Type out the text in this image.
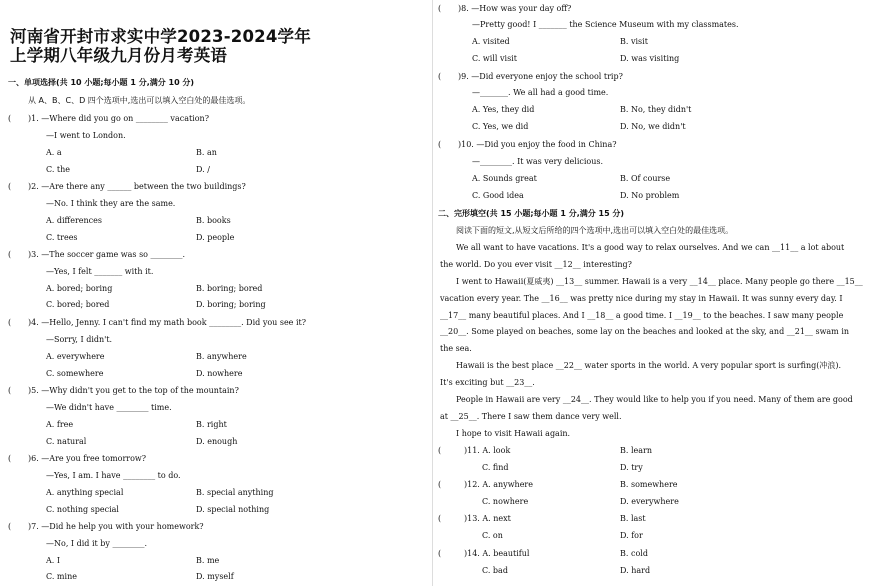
河南省开封市求实中学2023-2024学年
上学期八年级九月份月考英语
一、单项选择(共 10 小题;每小题 1 分,满分 10 分)
从 A、B、C、D 四个选项中,选出可以填入空白处的最佳选项。
( )1. —Where did you go on ________ vacation?
—I went to London.
A. a	B. an
C. the	D. /
( )2. —Are there any ______ between the two buildings?
—No. I think they are the same.
A. differences	B. books
C. trees	D. people
( )3. —The soccer game was so ________.
—Yes, I felt _______ with it.
A. bored; boring	B. boring; bored
C. bored; bored	D. boring; boring
( )4. —Hello, Jenny. I can't find my math book ________. Did you see it?
—Sorry, I didn't.
A. everywhere	B. anywhere
C. somewhere	D. nowhere
( )5. —Why didn't you get to the top of the mountain?
—We didn't have ________ time.
A. free	B. right
C. natural	D. enough
( )6. —Are you free tomorrow?
—Yes, I am. I have ________ to do.
A. anything special	B. special anything
C. nothing special	D. special nothing
( )7. —Did he help you with your homework?
—No, I did it by ________.
A. I	B. me
C. mine	D. myself
( )8. —How was your day off?
—Pretty good! I _______ the Science Museum with my classmates.
A. visited	B. visit
C. will visit	D. was visiting
( )9. —Did everyone enjoy the school trip?
—_______. We all had a good time.
A. Yes, they did	B. No, they didn't
C. Yes, we did	D. No, we didn't
( )10. —Did you enjoy the food in China?
—________. It was very delicious.
A. Sounds great	B. Of course
C. Good idea	D. No problem
二、完形填空(共 15 小题;每小题 1 分,满分 15 分)
阅读下面的短文,从短文后所给的四个选项中,选出可以填入空白处的最佳选项。
We all want to have vacations. It's a good way to relax ourselves. And we can __11__ a lot about
the world. Do you ever visit __12__ interesting?
I went to Hawaii(夏威夷) __13__ summer. Hawaii is a very __14__ place. Many people go there __15__
vacation every year. The __16__ was pretty nice during my stay in Hawaii. It was sunny every day. I
__17__ many beautiful places. And I __18__ a good time. I __19__ to the beaches. I saw many people
__20__. Some played on beaches, some lay on the beaches and looked at the sky, and __21__ swam in
the sea.
Hawaii is the best place __22__ water sports in the world. A very popular sport is surfing(冲浪).
It's exciting but __23__.
People in Hawaii are very __24__. They would like to help you if you need. Many of them are good
at __25__. There I saw them dance very well.
I hope to visit Hawaii again.
(	)11. A. look	B. learn
C. find	D. try
(	)12. A. anywhere	B. somewhere
C. nowhere	D. everywhere
(	)13. A. next	B. last
C. on	D. for
(	)14. A. beautiful	B. cold
C. bad	D. hard
